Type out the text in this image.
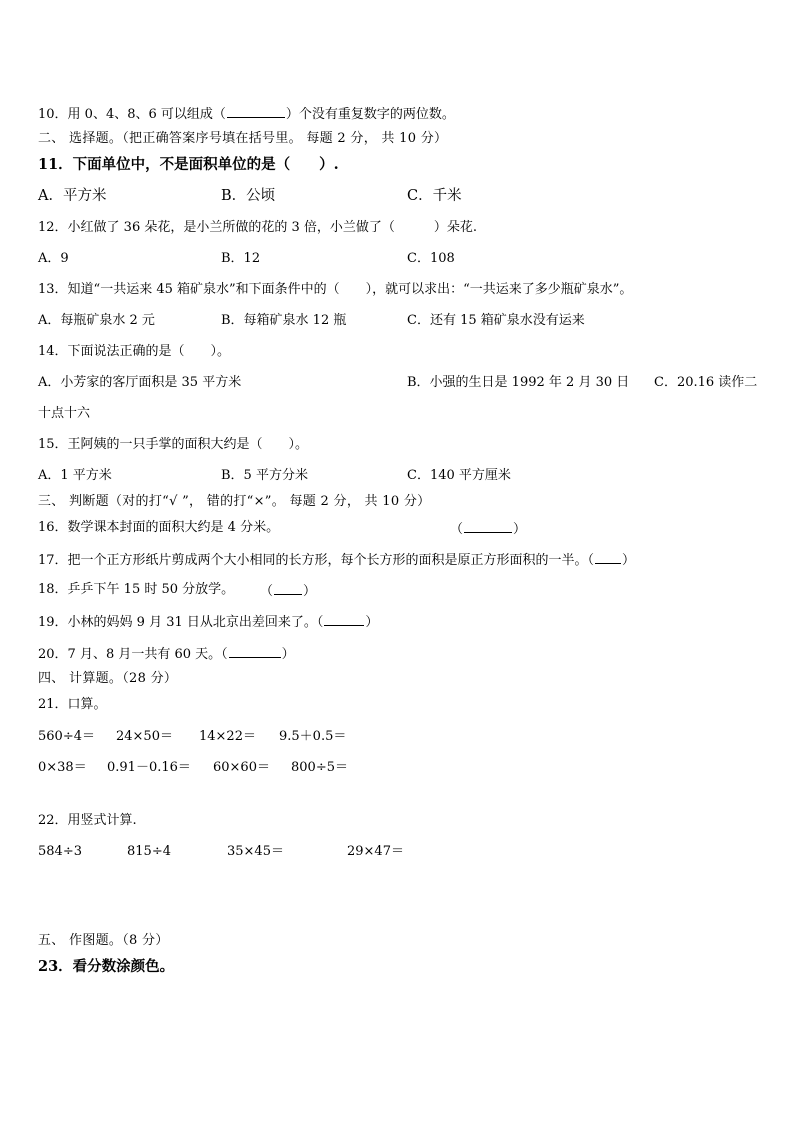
10．用 0、4、8、6 可以组成（	）个没有重复数字的两位数。
二、 选择题。（把正确答案序号填在括号里。 每题 2 分， 共 10 分）
11．下面单位中，不是面积单位的是（　　）.
A．平方米	B．公顷	C．千米
12．小红做了 36 朵花，是小兰所做的花的 3 倍，小兰做了（　　　）朵花.
A．9	B．12	C．108
13．知道“一共运来 45 箱矿泉水”和下面条件中的（　　），就可以求出：“一共运来了多少瓶矿泉水”。
A．每瓶矿泉水 2 元	B．每箱矿泉水 12 瓶	C．还有 15 箱矿泉水没有运来
14．下面说法正确的是（　　）。
A．小芳家的客厅面积是 35 平方米	B．小强的生日是 1992 年 2 月 30 日 C．20.16 读作二
十点十六
15．王阿姨的一只手掌的面积大约是（　　）。
A．1 平方米	B．5 平方分米	C．140 平方厘米
三、 判断题（对的打“√ ”， 错的打“×”。 每题 2 分， 共 10 分）
16．数学课本封面的面积大约是 4 分米。	（	）
17．把一个正方形纸片剪成两个大小相同的长方形，每个长方形的面积是原正方形面积的一半。（ ）
18．乒乒下午 15 时 50 分放学。 （ ）
19．小林的妈妈 9 月 31 日从北京出差回来了。（	）
20．7 月、8 月一共有 60 天。（	）
四、 计算题。（28 分）
21．口算。
560÷4＝ 24×50＝ 14×22＝ 9.5＋0.5＝
0×38＝ 0.91－0.16＝ 60×60＝ 800÷5＝
22．用竖式计算.
584÷3	815÷4	35×45＝	29×47＝
五、 作图题。（8 分）
23．看分数涂颜色。
